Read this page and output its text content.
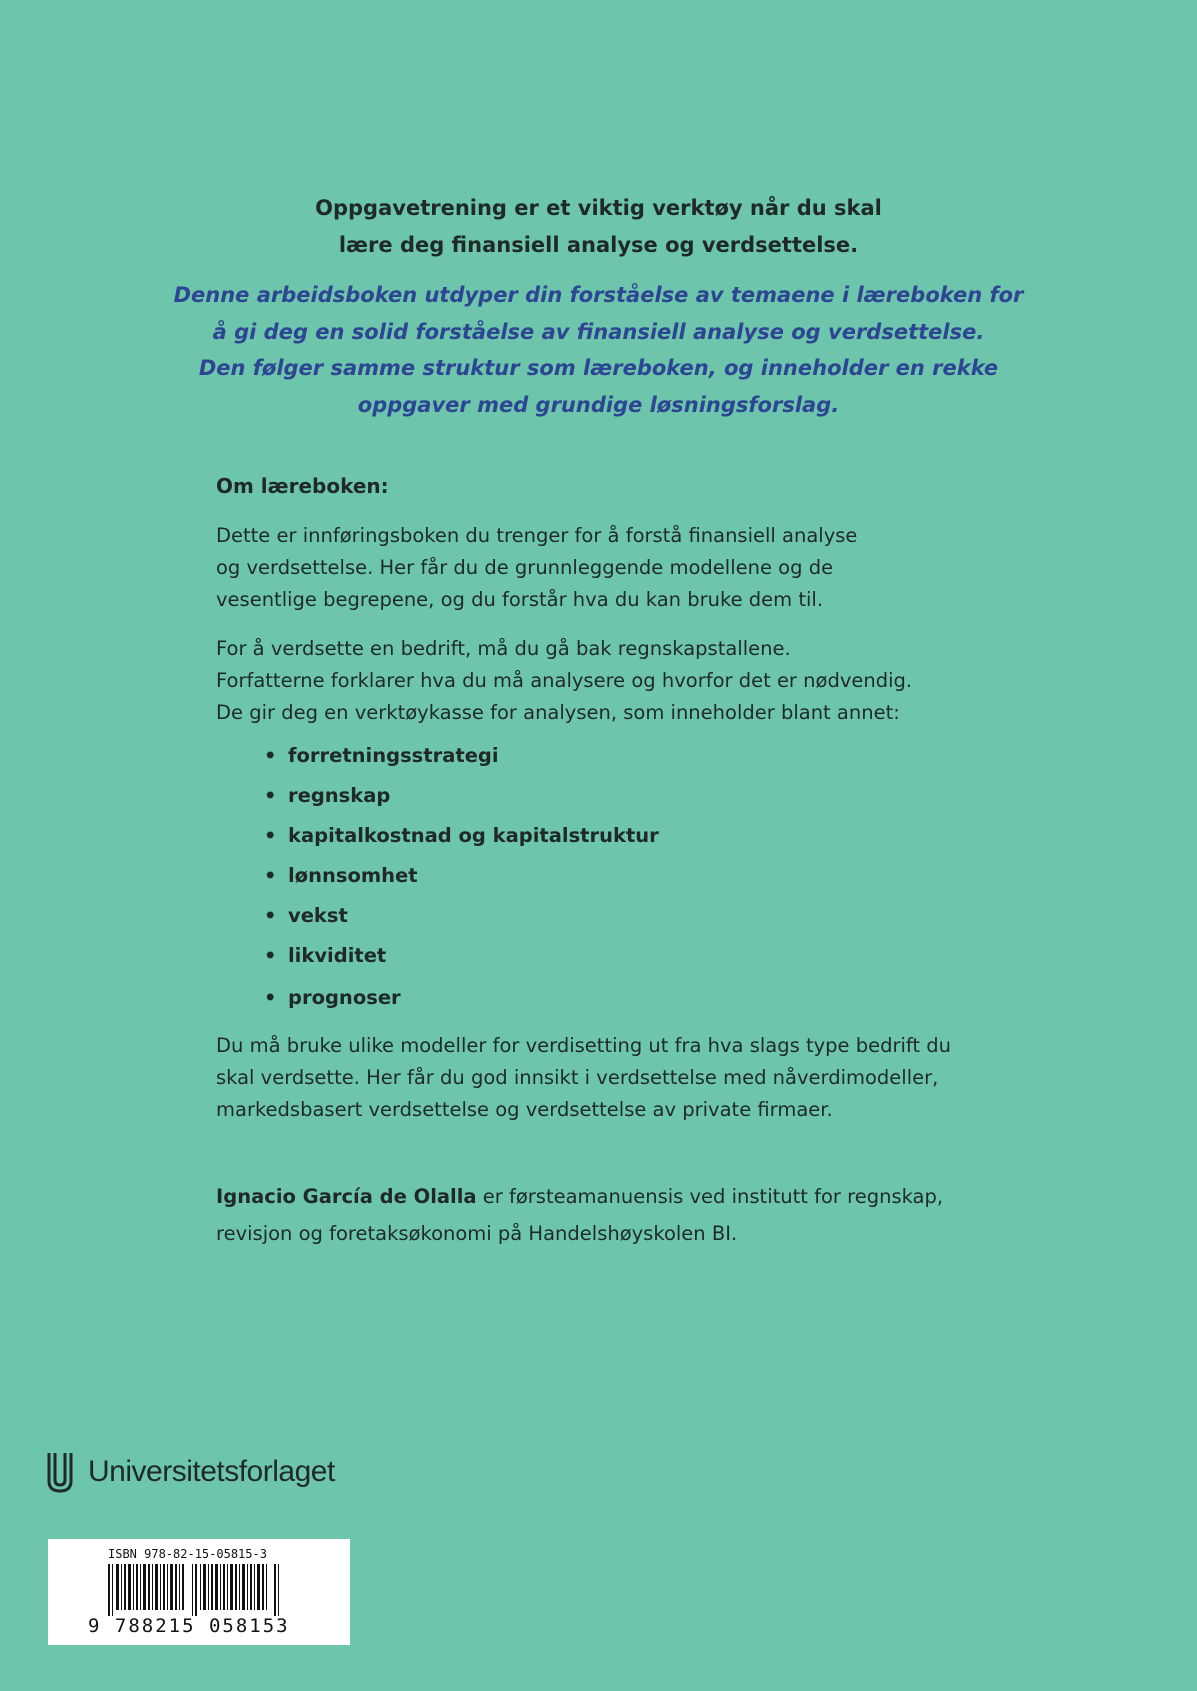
Oppgavetrening er et viktig verktøy når du skal
lære deg finansiell analyse og verdsettelse.
Denne arbeidsboken utdyper din forståelse av temaene i læreboken for
å gi deg en solid forståelse av finansiell analyse og verdsettelse.
Den følger samme struktur som læreboken, og inneholder en rekke
oppgaver med grundige løsningsforslag.
Om læreboken:
Dette er innføringsboken du trenger for å forstå finansiell analyse
og verdsettelse. Her får du de grunnleggende modellene og de
vesentlige begrepene, og du forstår hva du kan bruke dem til.
For å verdsette en bedrift, må du gå bak regnskapstallene.
Forfatterne forklarer hva du må analysere og hvorfor det er nødvendig.
De gir deg en verktøykasse for analysen, som inneholder blant annet:
• forretningsstrategi
• regnskap
• kapitalkostnad og kapitalstruktur
• lønnsomhet
• vekst
• likviditet
• prognoser
Du må bruke ulike modeller for verdisetting ut fra hva slags type bedrift du
skal verdsette. Her får du god innsikt i verdsettelse med nåverdimodeller,
markedsbasert verdsettelse og verdsettelse av private firmaer.
Ignacio García de Olalla er førsteamanuensis ved institutt for regnskap,
revisjon og foretaksøkonomi på Handelshøyskolen BI.
Universitetsforlaget
ISBN 978-82-15-05815-3
9 788215 058153
